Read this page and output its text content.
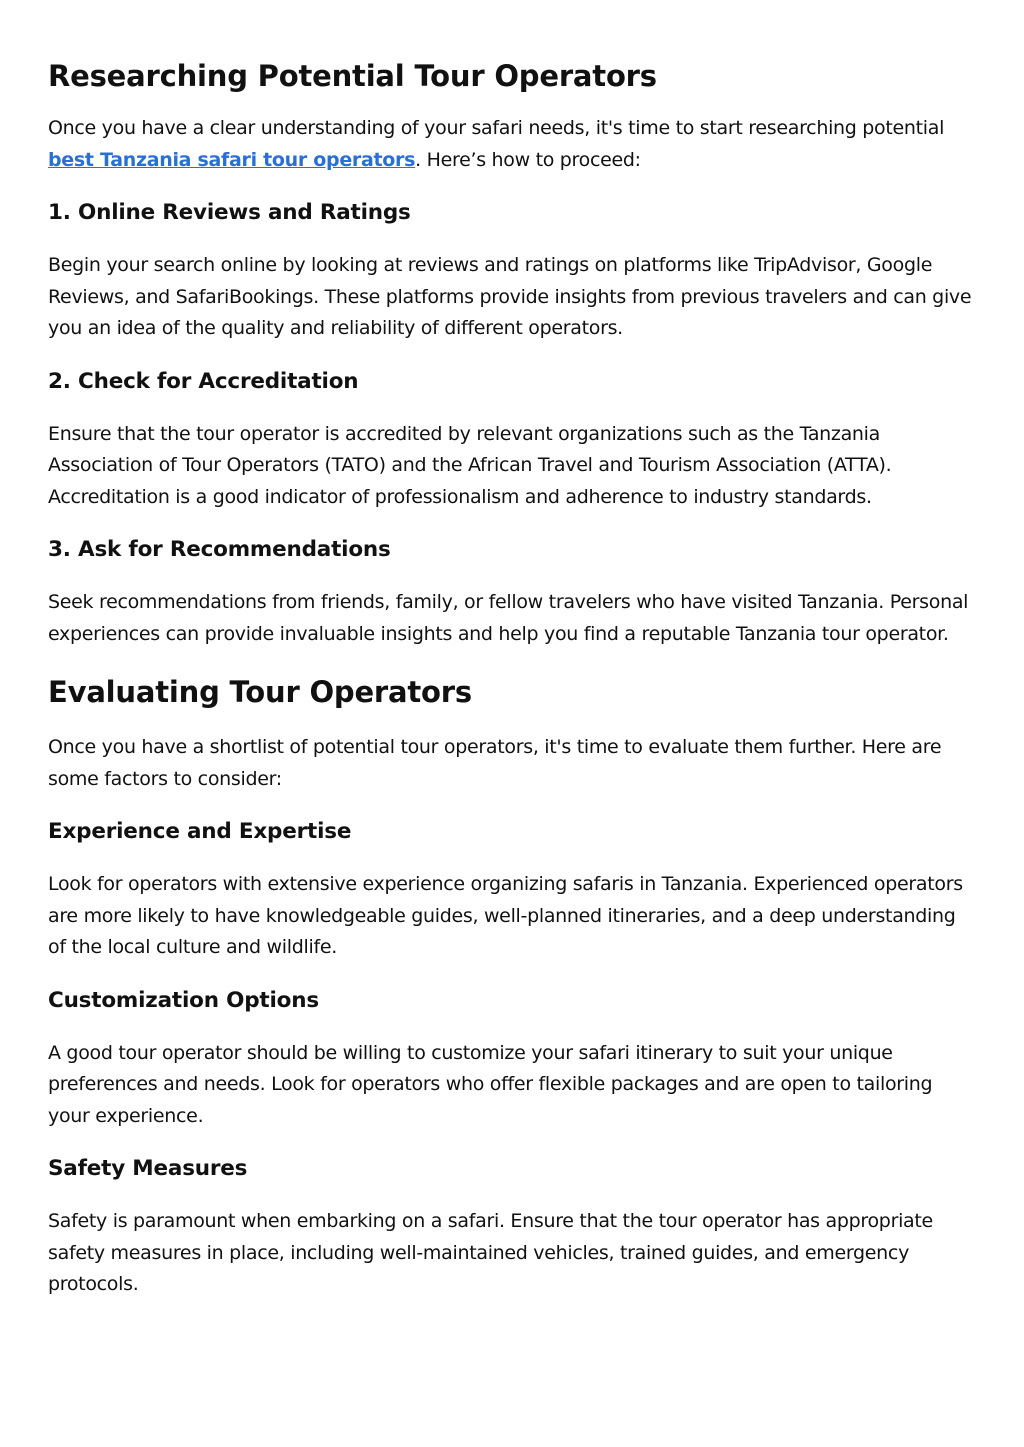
Researching Potential Tour Operators

Once you have a clear understanding of your safari needs, it's time to start researching potential best Tanzania safari tour operators. Here’s how to proceed:

1. Online Reviews and Ratings

Begin your search online by looking at reviews and ratings on platforms like TripAdvisor, Google Reviews, and SafariBookings. These platforms provide insights from previous travelers and can give you an idea of the quality and reliability of different operators.

2. Check for Accreditation

Ensure that the tour operator is accredited by relevant organizations such as the Tanzania Association of Tour Operators (TATO) and the African Travel and Tourism Association (ATTA). Accreditation is a good indicator of professionalism and adherence to industry standards.

3. Ask for Recommendations

Seek recommendations from friends, family, or fellow travelers who have visited Tanzania. Personal experiences can provide invaluable insights and help you find a reputable Tanzania tour operator.

Evaluating Tour Operators

Once you have a shortlist of potential tour operators, it's time to evaluate them further. Here are some factors to consider:

Experience and Expertise

Look for operators with extensive experience organizing safaris in Tanzania. Experienced operators are more likely to have knowledgeable guides, well-planned itineraries, and a deep understanding of the local culture and wildlife.

Customization Options

A good tour operator should be willing to customize your safari itinerary to suit your unique preferences and needs. Look for operators who offer flexible packages and are open to tailoring your experience.

Safety Measures

Safety is paramount when embarking on a safari. Ensure that the tour operator has appropriate safety measures in place, including well-maintained vehicles, trained guides, and emergency protocols.
